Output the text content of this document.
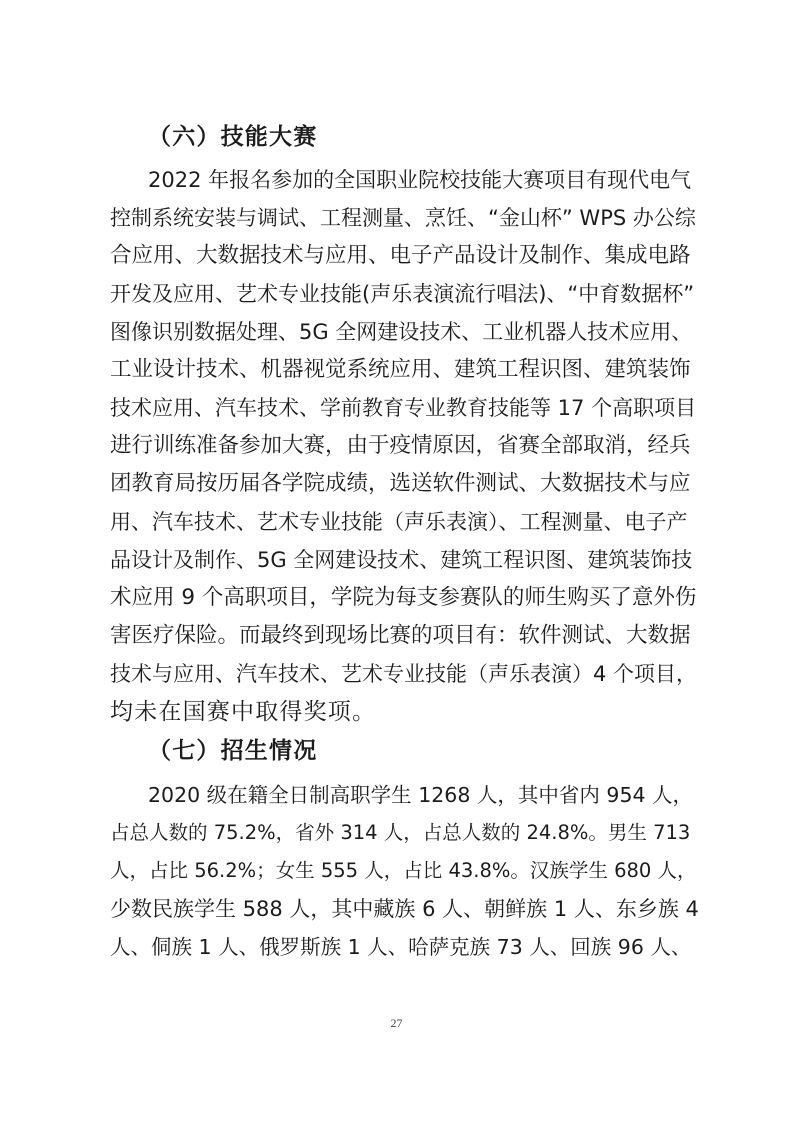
（六）技能大赛
2022 年报名参加的全国职业院校技能大赛项目有现代电气
控制系统安装与调试、工程测量、烹饪、“金山杯” WPS 办公综
合应用、大数据技术与应用、电子产品设计及制作、集成电路
开发及应用、艺术专业技能(声乐表演流行唱法)、“中育数据杯”
图像识别数据处理、5G 全网建设技术、工业机器人技术应用、
工业设计技术、机器视觉系统应用、建筑工程识图、建筑装饰
技术应用、汽车技术、学前教育专业教育技能等 17 个高职项目
进行训练准备参加大赛，由于疫情原因，省赛全部取消，经兵
团教育局按历届各学院成绩，选送软件测试、大数据技术与应
用、汽车技术、艺术专业技能（声乐表演）、工程测量、电子产
品设计及制作、5G 全网建设技术、建筑工程识图、建筑装饰技
术应用 9 个高职项目，学院为每支参赛队的师生购买了意外伤
害医疗保险。而最终到现场比赛的项目有：软件测试、大数据
技术与应用、汽车技术、艺术专业技能（声乐表演）4 个项目，
均未在国赛中取得奖项。
（七）招生情况
2020 级在籍全日制高职学生 1268 人，其中省内 954 人，
占总人数的 75.2%，省外 314 人，占总人数的 24.8%。男生 713
人，占比 56.2%；女生 555 人，占比 43.8%。汉族学生 680 人，
少数民族学生 588 人，其中藏族 6 人、朝鲜族 1 人、东乡族 4
人、侗族 1 人、俄罗斯族 1 人、哈萨克族 73 人、回族 96 人、
27
